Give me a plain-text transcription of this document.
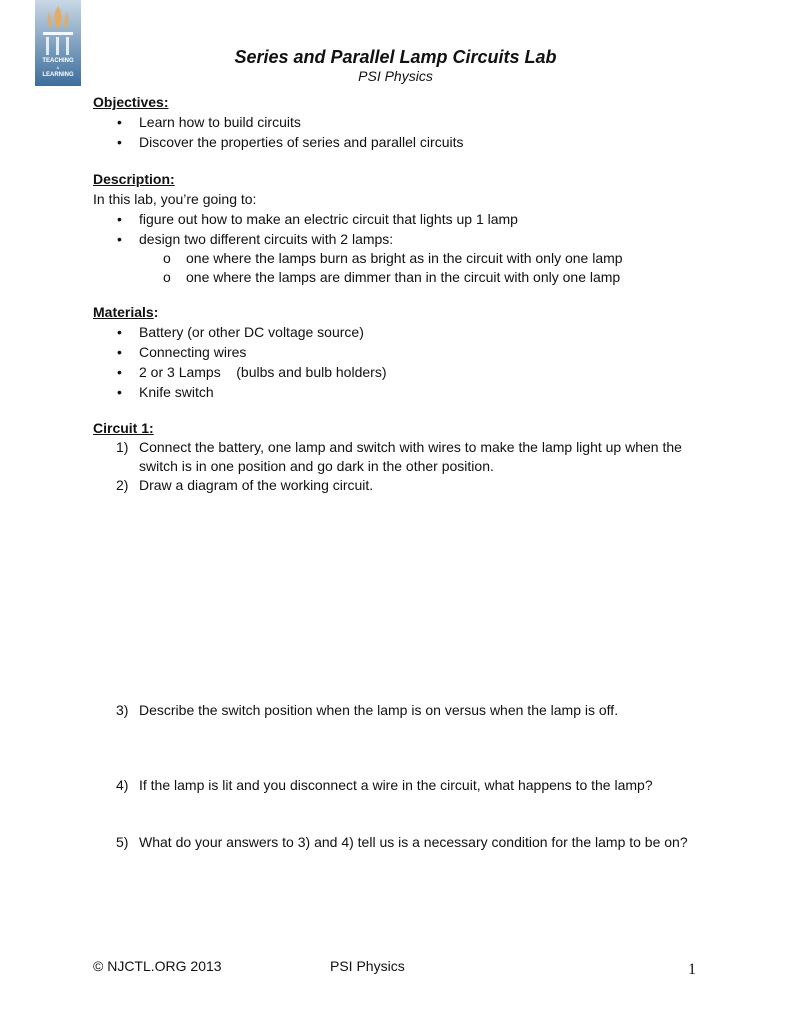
TEACHING
&
LEARNING
Series and Parallel Lamp Circuits Lab
PSI Physics
Objectives:
• Learn how to build circuits
• Discover the properties of series and parallel circuits
Description:
In this lab, you’re going to:
• figure out how to make an electric circuit that lights up 1 lamp
• design two different circuits with 2 lamps:
o one where the lamps burn as bright as in the circuit with only one lamp
o one where the lamps are dimmer than in the circuit with only one lamp
Materials:
• Battery (or other DC voltage source)
• Connecting wires
• 2 or 3 Lamps    (bulbs and bulb holders)
• Knife switch
Circuit 1:
1) Connect the battery, one lamp and switch with wires to make the lamp light up when the switch is in one position and go dark in the other position.
2) Draw a diagram of the working circuit.
3) Describe the switch position when the lamp is on versus when the lamp is off.
4) If the lamp is lit and you disconnect a wire in the circuit, what happens to the lamp?
5) What do your answers to 3) and 4) tell us is a necessary condition for the lamp to be on?
© NJCTL.ORG 2013	PSI Physics	1
